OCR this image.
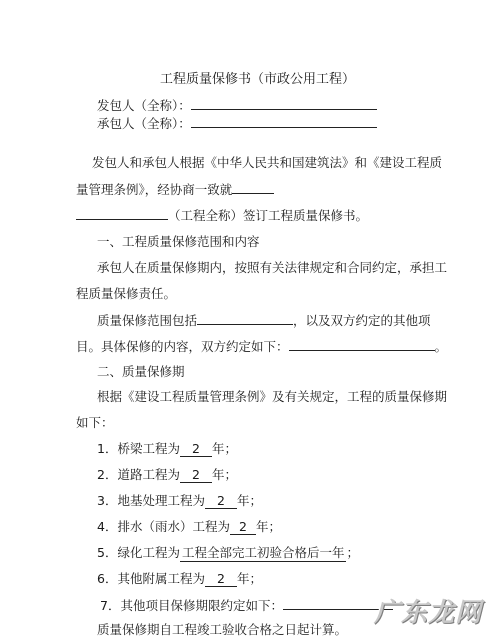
工程质量保修书（市政公用工程）
发包人（全称）：
承包人（全称）：
发包人和承包人根据《中华人民共和国建筑法》和《建设工程质
量管理条例》，经协商一致就
（工程全称）签订工程质量保修书。
一、工程质量保修范围和内容
承包人在质量保修期内，按照有关法律规定和合同约定，承担工
程质量保修责任。
质量保修范围包括	，以及双方约定的其他项
目。具体保修的内容，双方约定如下：	。
二、质量保修期
根据《建设工程质量管理条例》及有关规定，工程的质量保修期
如下：
1．桥梁工程为 2 年；
2．道路工程为 2 年；
3．地基处理工程为 2 年；
4．排水（雨水）工程为 2 年；
5．绿化工程为 工程全部完工初验合格后一年 ；
6．其他附属工程为 2 年；
7．其他项目保修期限约定如下：
质量保修期自工程竣工验收合格之日起计算。
广东龙网
